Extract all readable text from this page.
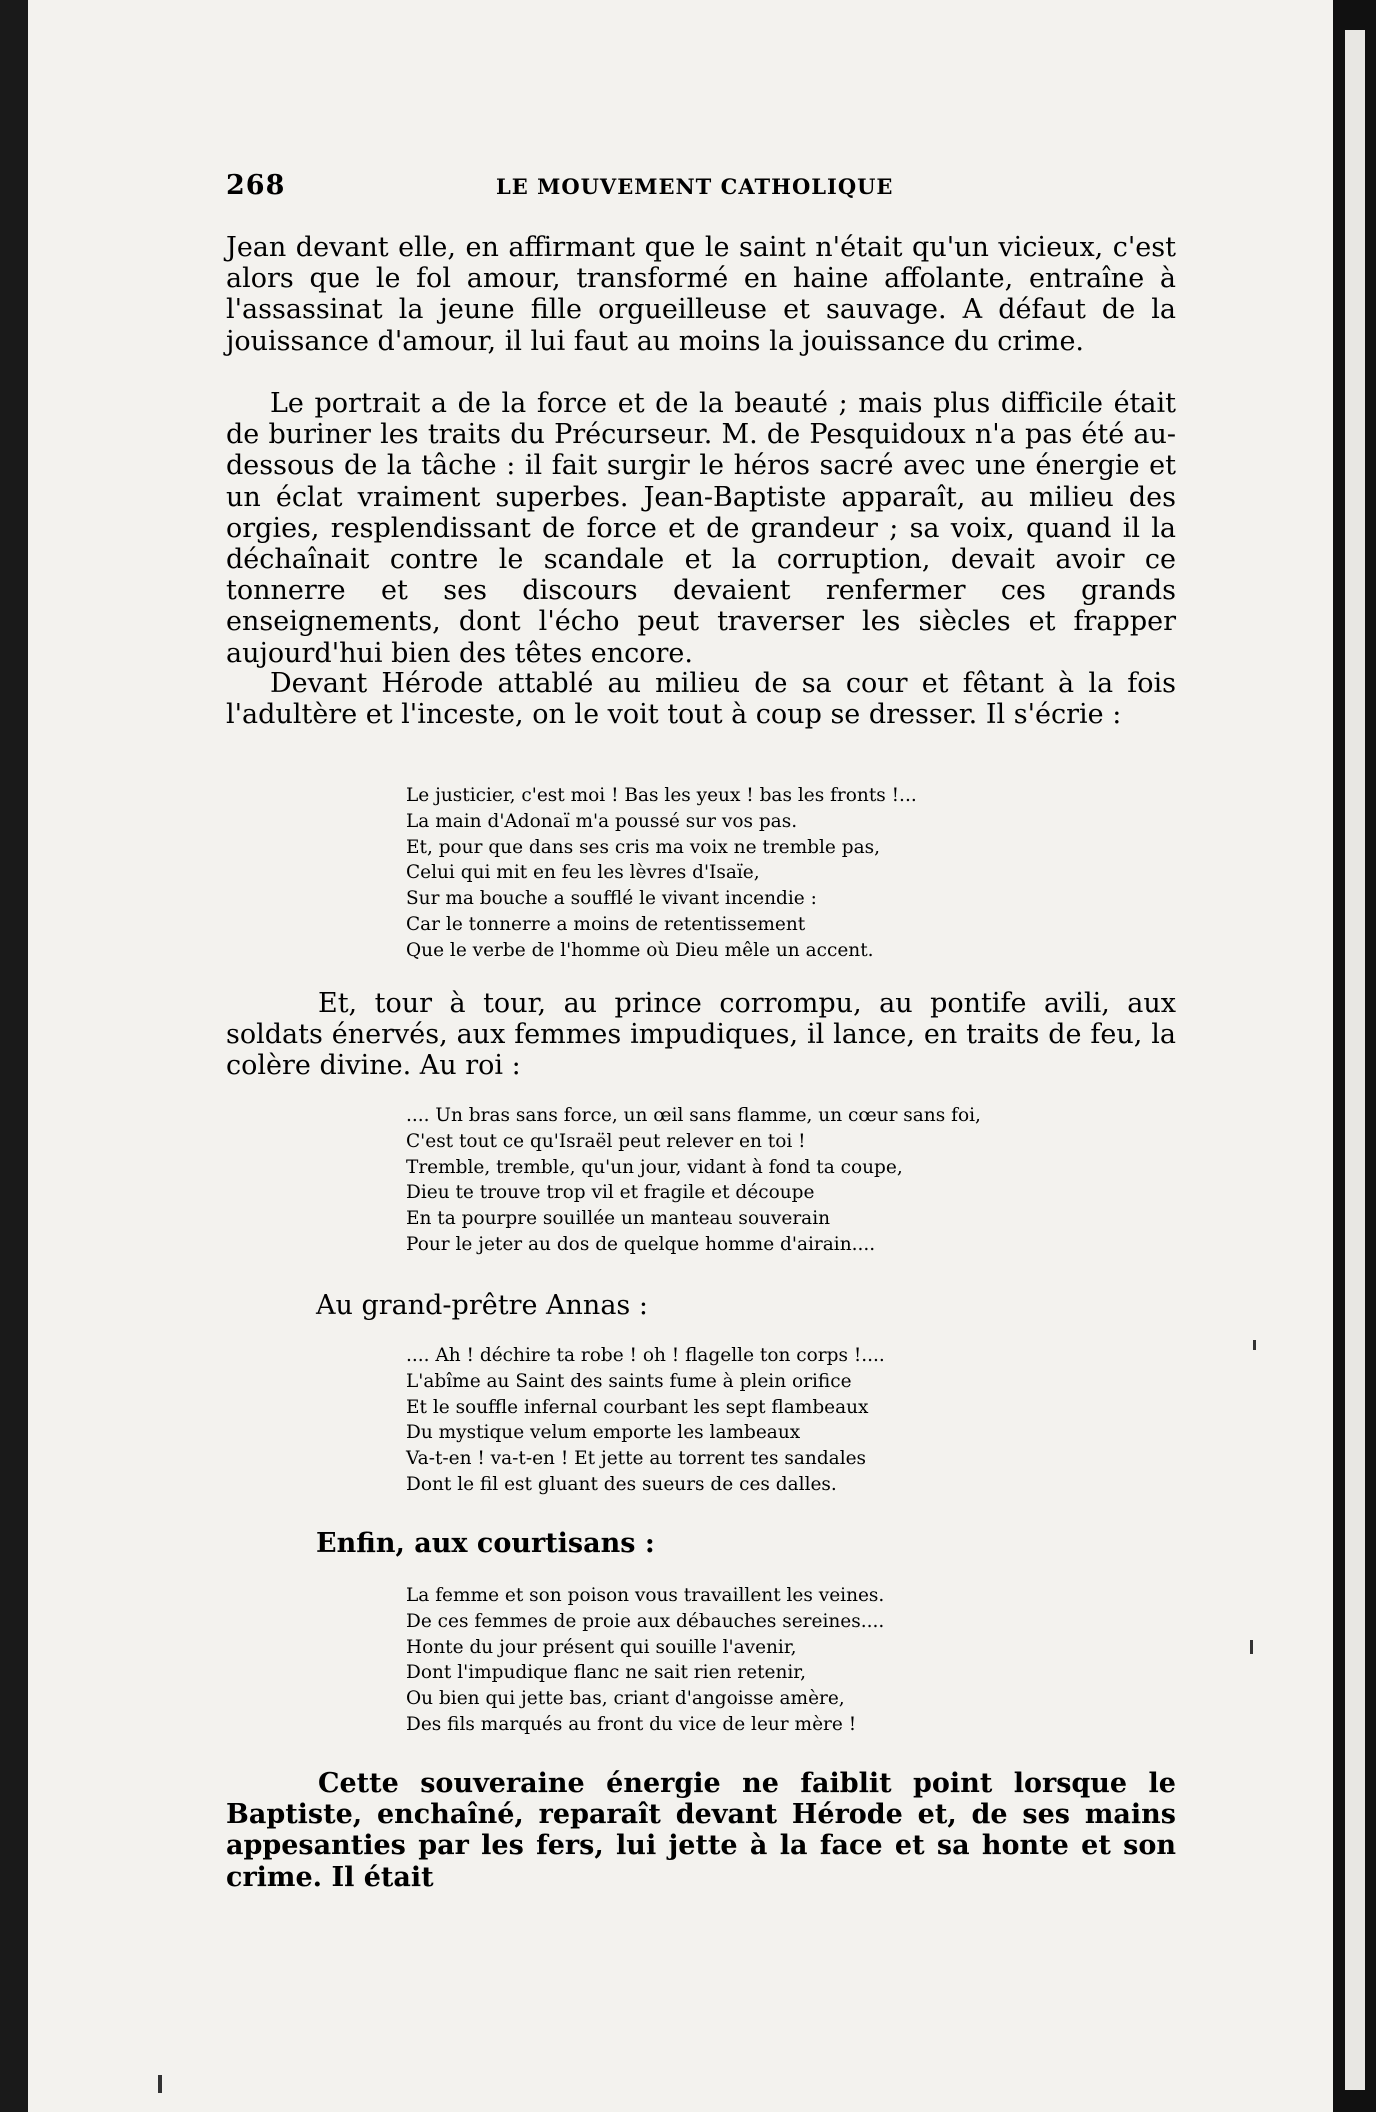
268	LE MOUVEMENT CATHOLIQUE

Jean devant elle, en affirmant que le saint n'était qu'un vicieux, c'est alors que le fol amour, transformé en haine affolante, entraîne à l'assassinat la jeune fille orgueilleuse et sauvage. A défaut de la jouissance d'amour, il lui faut au moins la jouissance du crime.

Le portrait a de la force et de la beauté ; mais plus difficile était de buriner les traits du Précurseur. M. de Pesquidoux n'a pas été au-dessous de la tâche : il fait surgir le héros sacré avec une énergie et un éclat vraiment superbes. Jean-Baptiste apparaît, au milieu des orgies, resplendissant de force et de grandeur ; sa voix, quand il la déchaînait contre le scandale et la corruption, devait avoir ce tonnerre et ses discours devaient renfermer ces grands enseignements, dont l'écho peut traverser les siècles et frapper aujourd'hui bien des têtes encore.

Devant Hérode attablé au milieu de sa cour et fêtant à la fois l'adultère et l'inceste, on le voit tout à coup se dresser. Il s'écrie :

Le justicier, c'est moi ! Bas les yeux ! bas les fronts !...
La main d'Adonaï m'a poussé sur vos pas.
Et, pour que dans ses cris ma voix ne tremble pas,
Celui qui mit en feu les lèvres d'Isaïe,
Sur ma bouche a soufflé le vivant incendie :
Car le tonnerre a moins de retentissement
Que le verbe de l'homme où Dieu mêle un accent.

Et, tour à tour, au prince corrompu, au pontife avili, aux soldats énervés, aux femmes impudiques, il lance, en traits de feu, la colère divine. Au roi :

.... Un bras sans force, un œil sans flamme, un cœur sans foi,
C'est tout ce qu'Israël peut relever en toi !
Tremble, tremble, qu'un jour, vidant à fond ta coupe,
Dieu te trouve trop vil et fragile et découpe
En ta pourpre souillée un manteau souverain
Pour le jeter au dos de quelque homme d'airain....
Au grand-prêtre Annas :
.... Ah ! déchire ta robe ! oh ! flagelle ton corps !....
L'abîme au Saint des saints fume à plein orifice
Et le souffle infernal courbant les sept flambeaux
Du mystique velum emporte les lambeaux
Va-t-en ! va-t-en ! Et jette au torrent tes sandales
Dont le fil est gluant des sueurs de ces dalles.
Enfin, aux courtisans :
La femme et son poison vous travaillent les veines.
De ces femmes de proie aux débauches sereines....
Honte du jour présent qui souille l'avenir,
Dont l'impudique flanc ne sait rien retenir,
Ou bien qui jette bas, criant d'angoisse amère,
Des fils marqués au front du vice de leur mère !

Cette souveraine énergie ne faiblit point lorsque le Baptiste, enchaîné, reparaît devant Hérode et, de ses mains appesanties par les fers, lui jette à la face et sa honte et son crime. Il était
